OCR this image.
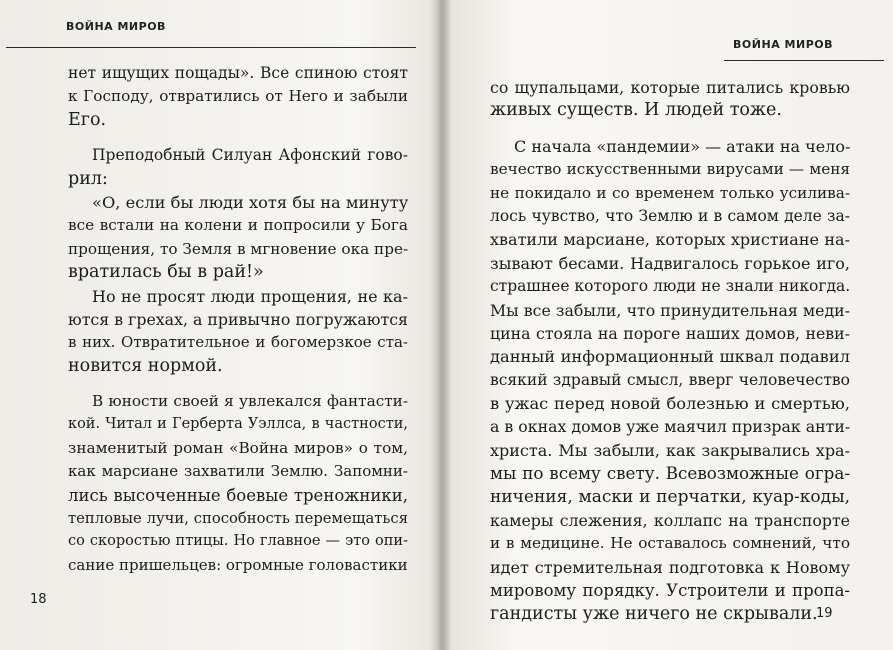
ВОЙНА МИРОВ
нет ищущих пощады». Все спиною стоят
к Господу, отвратились от Него и забыли
Его.
Преподобный Силуан Афонский гово-
рил:
«О, если бы люди хотя бы на минуту
все встали на колени и попросили у Бога
прощения, то Земля в мгновение ока пре-
вратилась бы в рай!»
Но не просят люди прощения, не ка-
ются в грехах, а привычно погружаются
в них. Отвратительное и богомерзкое ста-
новится нормой.
В юности своей я увлекался фантасти-
кой. Читал и Герберта Уэллса, в частности,
знаменитый роман «Война миров» о том,
как марсиане захватили Землю. Запомни-
лись высоченные боевые треножники,
тепловые лучи, способность перемещаться
со скоростью птицы. Но главное — это опи-
сание пришельцев: огромные головастики
18
ВОЙНА МИРОВ
со щупальцами, которые питались кровью
живых существ. И людей тоже.
С начала «пандемии» — атаки на чело-
вечество искусственными вирусами — меня
не покидало и со временем только усилива-
лось чувство, что Землю и в самом деле за-
хватили марсиане, которых христиане на-
зывают бесами. Надвигалось горькое иго,
страшнее которого люди не знали никогда.
Мы все забыли, что принудительная меди-
цина стояла на пороге наших домов, неви-
данный информационный шквал подавил
всякий здравый смысл, вверг человечество
в ужас перед новой болезнью и смертью,
а в окнах домов уже маячил призрак анти-
христа. Мы забыли, как закрывались хра-
мы по всему свету. Всевозможные огра-
ничения, маски и перчатки, куар-коды,
камеры слежения, коллапс на транспорте
и в медицине. Не оставалось сомнений, что
идет стремительная подготовка к Новому
мировому порядку. Устроители и пропа-
гандисты уже ничего не скрывали.
19
